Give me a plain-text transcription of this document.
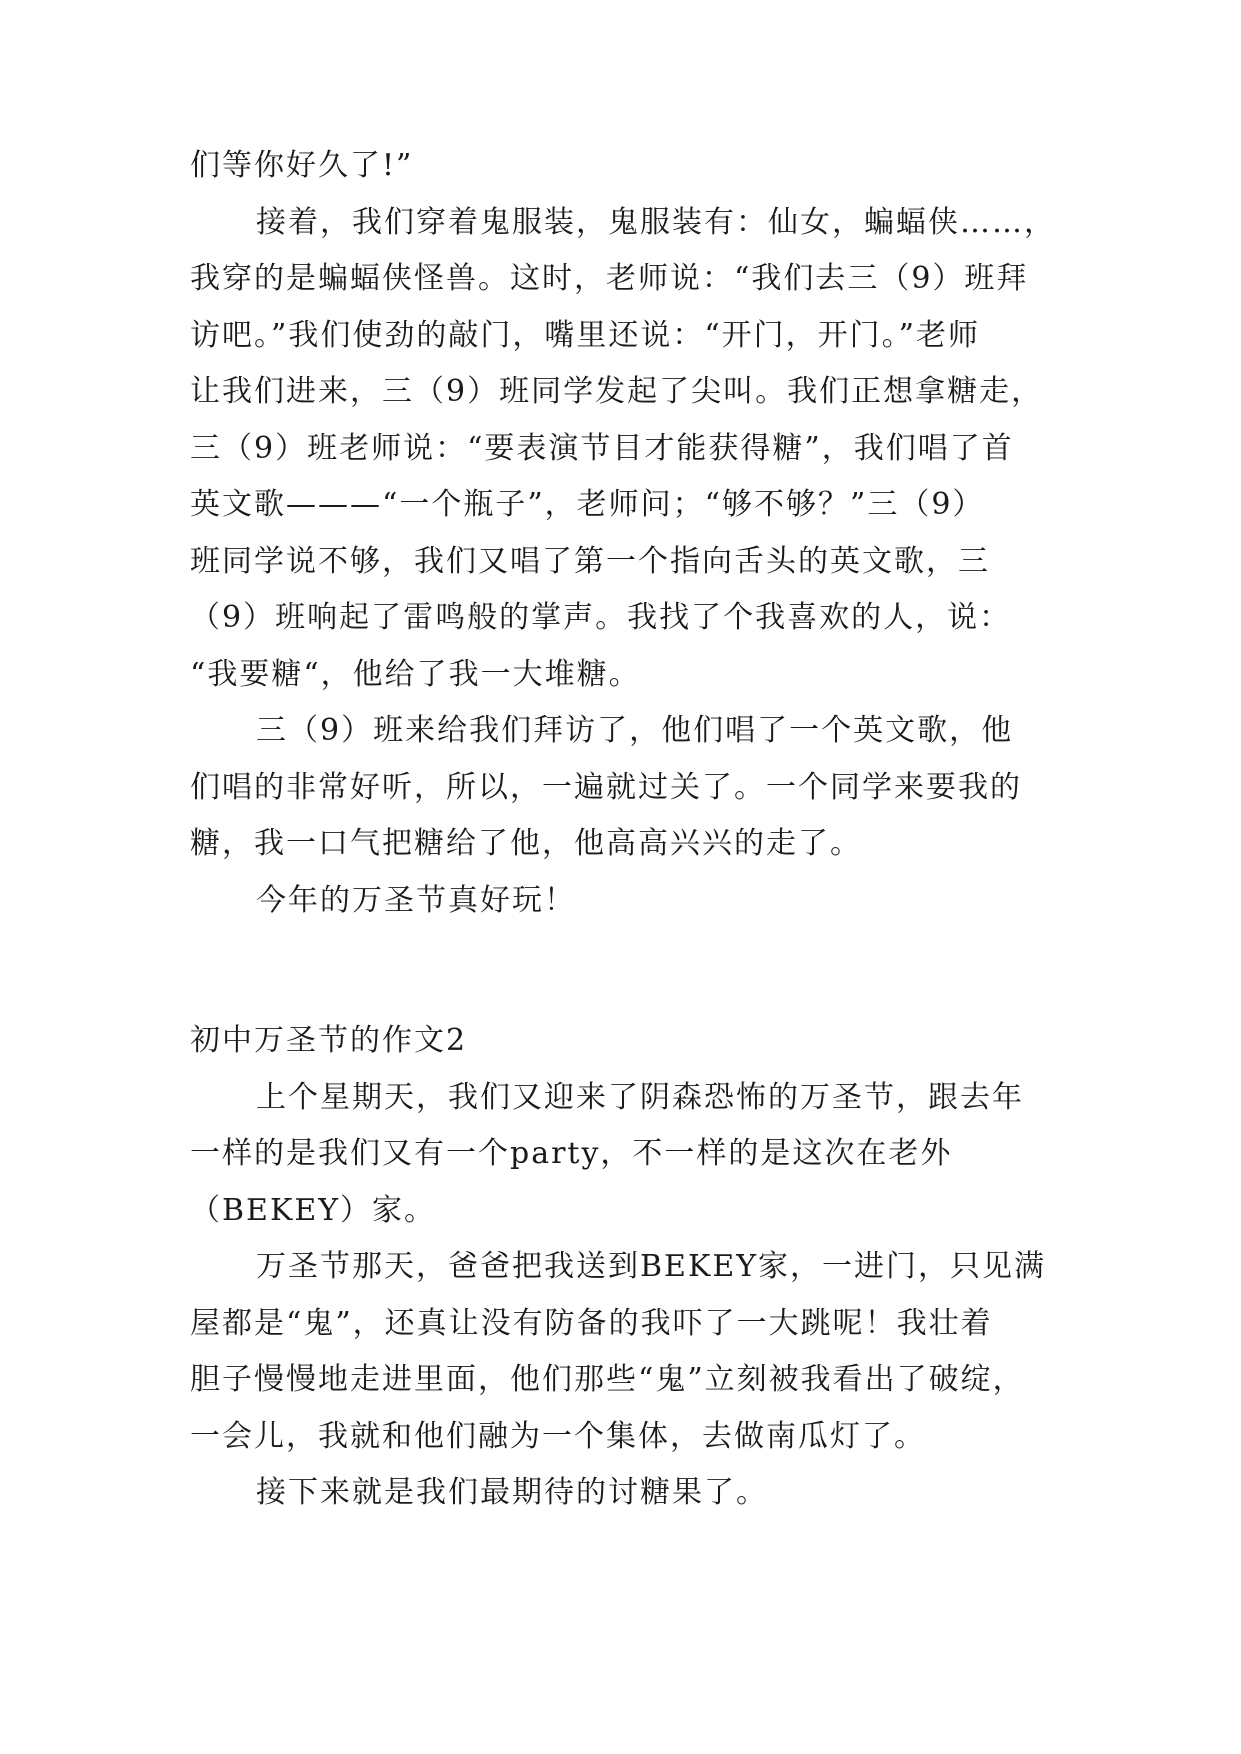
们等你好久了!”
接着，我们穿着鬼服装，鬼服装有：仙女，蝙蝠侠……，
我穿的是蝙蝠侠怪兽。这时，老师说：“我们去三（9）班拜
访吧。”我们使劲的敲门，嘴里还说：“开门，开门。”老师
让我们进来，三（9）班同学发起了尖叫。我们正想拿糖走，
三（9）班老师说：“要表演节目才能获得糖”，我们唱了首
英文歌———“一个瓶子”，老师问；“够不够？”三（9）
班同学说不够，我们又唱了第一个指向舌头的英文歌，三
（9）班响起了雷鸣般的掌声。我找了个我喜欢的人，说：
“我要糖“，他给了我一大堆糖。
三（9）班来给我们拜访了，他们唱了一个英文歌，他
们唱的非常好听，所以，一遍就过关了。一个同学来要我的
糖，我一口气把糖给了他，他高高兴兴的走了。
今年的万圣节真好玩！
初中万圣节的作文2
上个星期天，我们又迎来了阴森恐怖的万圣节，跟去年
一样的是我们又有一个party，不一样的是这次在老外
（BEKEY）家。
万圣节那天，爸爸把我送到BEKEY家，一进门，只见满
屋都是“鬼”，还真让没有防备的我吓了一大跳呢！我壮着
胆子慢慢地走进里面，他们那些“鬼”立刻被我看出了破绽，
一会儿，我就和他们融为一个集体，去做南瓜灯了。
接下来就是我们最期待的讨糖果了。
